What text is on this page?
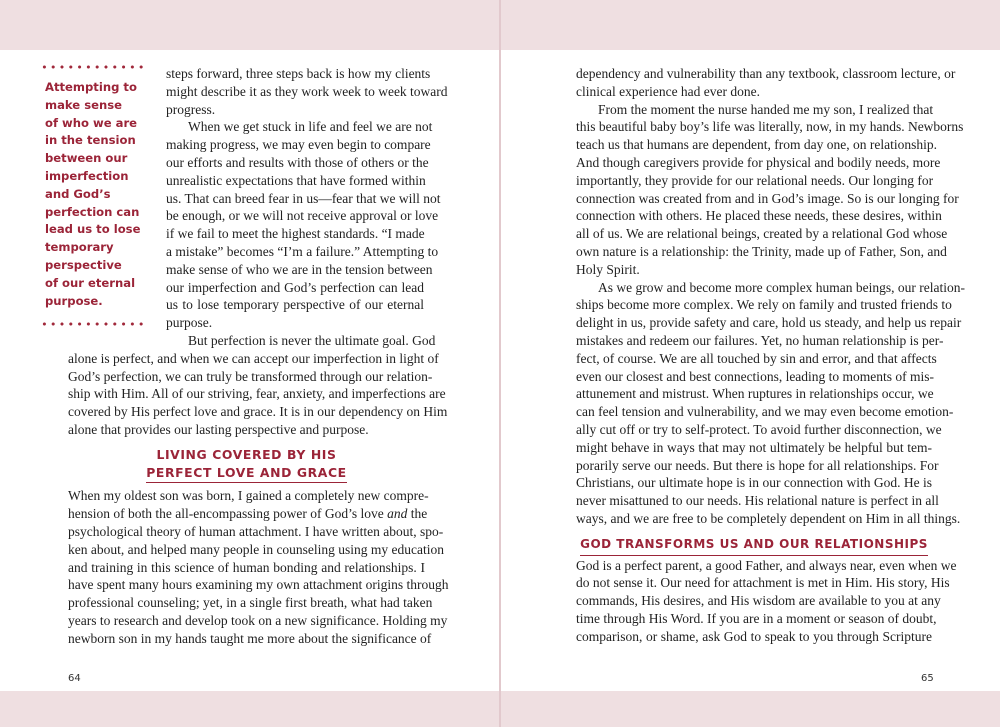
Attempting to
make sense
of who we are
in the tension
between our
imperfection
and God’s
perfection can
lead us to lose
temporary
perspective
of our eternal
purpose.
steps forward, three steps back is how my clients
might describe it as they work week to week toward
progress.
When we get stuck in life and feel we are not
making progress, we may even begin to compare
our efforts and results with those of others or the
unrealistic expectations that have formed within
us. That can breed fear in us—fear that we will not
be enough, or we will not receive approval or love
if we fail to meet the highest standards. “I made
a mistake” becomes “I’m a failure.” Attempting to
make sense of who we are in the tension between
our imperfection and God’s perfection can lead
us to lose temporary perspective of our eternal
purpose.
But perfection is never the ultimate goal. God
alone is perfect, and when we can accept our imperfection in light of
God’s perfection, we can truly be transformed through our relation-
ship with Him. All of our striving, fear, anxiety, and imperfections are
covered by His perfect love and grace. It is in our dependency on Him
alone that provides our lasting perspective and purpose.
LIVING COVERED BY HIS
PERFECT LOVE AND GRACE
When my oldest son was born, I gained a completely new compre-
hension of both the all-encompassing power of God’s love and the
psychological theory of human attachment. I have written about, spo-
ken about, and helped many people in counseling using my education
and training in this science of human bonding and relationships. I
have spent many hours examining my own attachment origins through
professional counseling; yet, in a single first breath, what had taken
years to research and develop took on a new significance. Holding my
newborn son in my hands taught me more about the significance of
64
dependency and vulnerability than any textbook, classroom lecture, or
clinical experience had ever done.
From the moment the nurse handed me my son, I realized that
this beautiful baby boy’s life was literally, now, in my hands. Newborns
teach us that humans are dependent, from day one, on relationship.
And though caregivers provide for physical and bodily needs, more
importantly, they provide for our relational needs. Our longing for
connection was created from and in God’s image. So is our longing for
connection with others. He placed these needs, these desires, within
all of us. We are relational beings, created by a relational God whose
own nature is a relationship: the Trinity, made up of Father, Son, and
Holy Spirit.
As we grow and become more complex human beings, our relation-
ships become more complex. We rely on family and trusted friends to
delight in us, provide safety and care, hold us steady, and help us repair
mistakes and redeem our failures. Yet, no human relationship is per-
fect, of course. We are all touched by sin and error, and that affects
even our closest and best connections, leading to moments of mis-
attunement and mistrust. When ruptures in relationships occur, we
can feel tension and vulnerability, and we may even become emotion-
ally cut off or try to self-protect. To avoid further disconnection, we
might behave in ways that may not ultimately be helpful but tem-
porarily serve our needs. But there is hope for all relationships. For
Christians, our ultimate hope is in our connection with God. He is
never misattuned to our needs. His relational nature is perfect in all
ways, and we are free to be completely dependent on Him in all things.
GOD TRANSFORMS US AND OUR RELATIONSHIPS
God is a perfect parent, a good Father, and always near, even when we
do not sense it. Our need for attachment is met in Him. His story, His
commands, His desires, and His wisdom are available to you at any
time through His Word. If you are in a moment or season of doubt,
comparison, or shame, ask God to speak to you through Scripture
65
